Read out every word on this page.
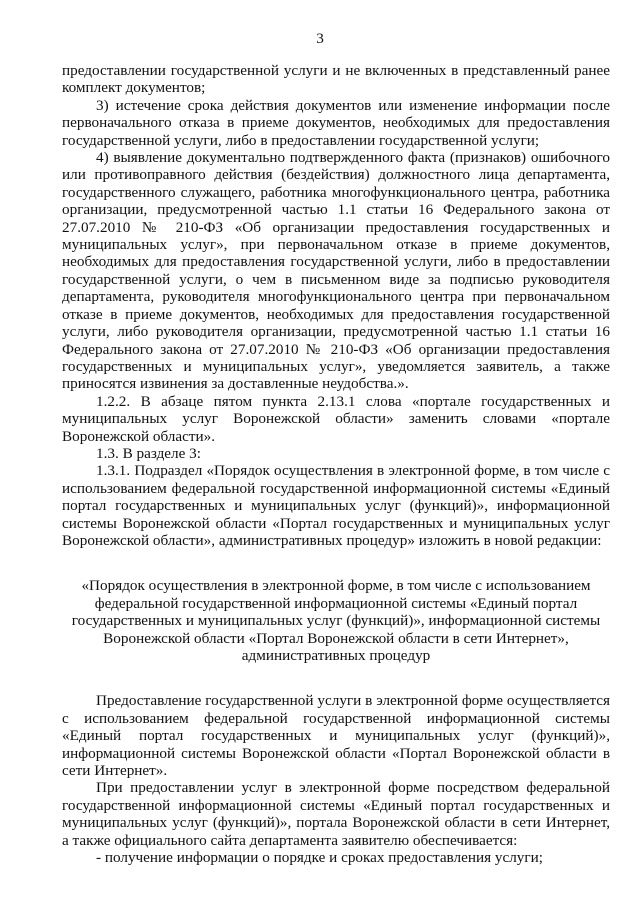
3

предоставлении государственной услуги и не включенных в представленный ранее комплект документов;

3) истечение срока действия документов или изменение информации после первоначального отказа в приеме документов, необходимых для предоставления государственной услуги, либо в предоставлении государственной услуги;

4) выявление документально подтвержденного факта (признаков) ошибочного или противоправного действия (бездействия) должностного лица департамента, государственного служащего, работника многофункционального центра, работника организации, предусмотренной частью 1.1 статьи 16 Федерального закона от 27.07.2010 № 210-ФЗ «Об организации предоставления государственных и муниципальных услуг», при первоначальном отказе в приеме документов, необходимых для предоставления государственной услуги, либо в предоставлении государственной услуги, о чем в письменном виде за подписью руководителя департамента, руководителя многофункционального центра при первоначальном отказе в приеме документов, необходимых для предоставления государственной услуги, либо руководителя организации, предусмотренной частью 1.1 статьи 16 Федерального закона от 27.07.2010 № 210-ФЗ «Об организации предоставления государственных и муниципальных услуг», уведомляется заявитель, а также приносятся извинения за доставленные неудобства.».

1.2.2. В абзаце пятом пункта 2.13.1 слова «портале государственных и муниципальных услуг Воронежской области» заменить словами «портале Воронежской области».

1.3. В разделе 3:

1.3.1. Подраздел «Порядок осуществления в электронной форме, в том числе с использованием федеральной государственной информационной системы «Единый портал государственных и муниципальных услуг (функций)», информационной системы Воронежской области «Портал государственных и муниципальных услуг Воронежской области», административных процедур» изложить в новой редакции:

«Порядок осуществления в электронной форме, в том числе с использованием

федеральной государственной информационной системы «Единый портал

государственных и муниципальных услуг (функций)», информационной системы

Воронежской области «Портал Воронежской области в сети Интернет»,

административных процедур

Предоставление государственной услуги в электронной форме осуществляется с использованием федеральной государственной информационной системы «Единый портал государственных и муниципальных услуг (функций)», информационной системы Воронежской области «Портал Воронежской области в сети Интернет».

При предоставлении услуг в электронной форме посредством федеральной государственной информационной системы «Единый портал государственных и муниципальных услуг (функций)», портала Воронежской области в сети Интернет, а также официального сайта департамента заявителю обеспечивается:

- получение информации о порядке и сроках предоставления услуги;
